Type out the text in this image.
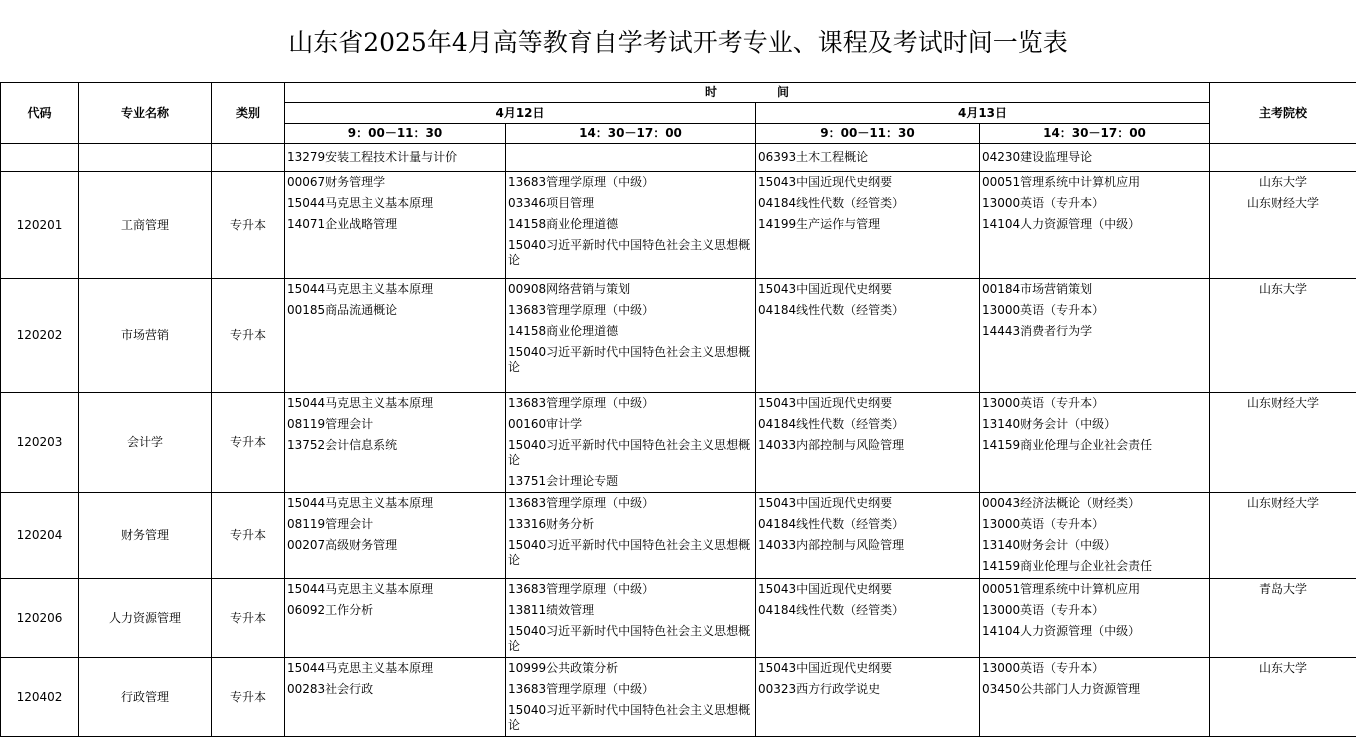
山东省2025年4月高等教育自学考试开考专业、课程及考试时间一览表
代码	专业名称	类别	时　　　　　间				主考院校
			4月12日		4月13日		
			9：00－11：30	14：30－17：00	9：00－11：30	14：30－17：00	
			13279安装工程技术计量与计价		06393土木工程概论	04230建设监理导论	
120201	工商管理	专升本	00067财务管理学
15044马克思主义基本原理
14071企业战略管理	13683管理学原理（中级）
03346项目管理
14158商业伦理道德
15040习近平新时代中国特色社会主义思想概论	15043中国近现代史纲要
04184线性代数（经管类）
14199生产运作与管理	00051管理系统中计算机应用
13000英语（专升本）
14104人力资源管理（中级）	山东大学
山东财经大学

120202	市场营销	专升本	15044马克思主义基本原理
00185商品流通概论	00908网络营销与策划
13683管理学原理（中级）
14158商业伦理道德
15040习近平新时代中国特色社会主义思想概论	15043中国近现代史纲要
04184线性代数（经管类）	00184市场营销策划
13000英语（专升本）
14443消费者行为学	山东大学

120203	会计学	专升本	15044马克思主义基本原理
08119管理会计
13752会计信息系统	13683管理学原理（中级）
00160审计学
15040习近平新时代中国特色社会主义思想概论
13751会计理论专题	15043中国近现代史纲要
04184线性代数（经管类）
14033内部控制与风险管理	13000英语（专升本）
13140财务会计（中级）
14159商业伦理与企业社会责任	山东财经大学

120204	财务管理	专升本	15044马克思主义基本原理
08119管理会计
00207高级财务管理	13683管理学原理（中级）
13316财务分析
15040习近平新时代中国特色社会主义思想概论	15043中国近现代史纲要
04184线性代数（经管类）
14033内部控制与风险管理	00043经济法概论（财经类）
13000英语（专升本）
13140财务会计（中级）
14159商业伦理与企业社会责任	山东财经大学

120206	人力资源管理	专升本	15044马克思主义基本原理
06092工作分析	13683管理学原理（中级）
13811绩效管理
15040习近平新时代中国特色社会主义思想概论	15043中国近现代史纲要
04184线性代数（经管类）	00051管理系统中计算机应用
13000英语（专升本）
14104人力资源管理（中级）	青岛大学

120402	行政管理	专升本	15044马克思主义基本原理
00283社会行政	10999公共政策分析
13683管理学原理（中级）
15040习近平新时代中国特色社会主义思想概论	15043中国近现代史纲要
00323西方行政学说史	13000英语（专升本）
03450公共部门人力资源管理	山东大学
